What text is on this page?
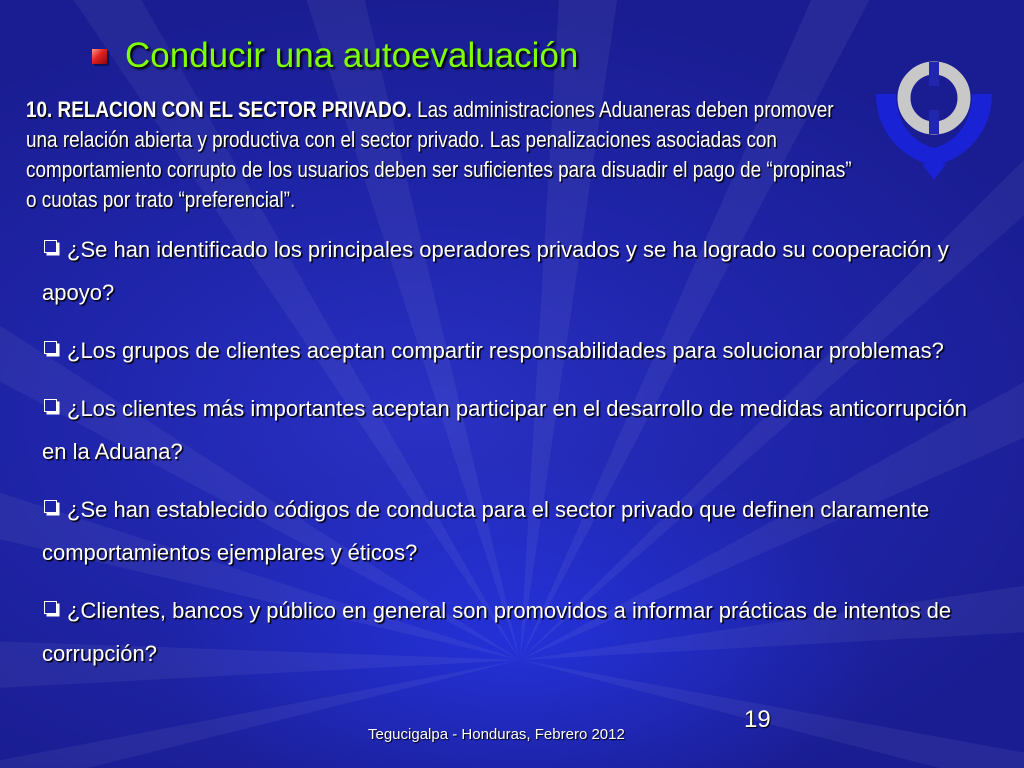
Conducir una autoevaluación
10. RELACION CON EL SECTOR PRIVADO. Las administraciones Aduaneras deben promover una relación abierta y productiva con el sector privado. Las penalizaciones asociadas con comportamiento corrupto de los usuarios deben ser suficientes para disuadir el pago de “propinas” o cuotas por trato “preferencial”.
¿Se han identificado los principales operadores privados y se ha logrado su cooperación y apoyo?
¿Los grupos de clientes aceptan compartir responsabilidades para solucionar problemas?
¿Los clientes más importantes aceptan participar en el desarrollo de medidas anticorrupción en la Aduana?
¿Se han establecido códigos de conducta para el sector privado que definen claramente comportamientos ejemplares y éticos?
¿Clientes, bancos y público en general son promovidos a informar prácticas de intentos de corrupción?
19
Tegucigalpa - Honduras, Febrero 2012
